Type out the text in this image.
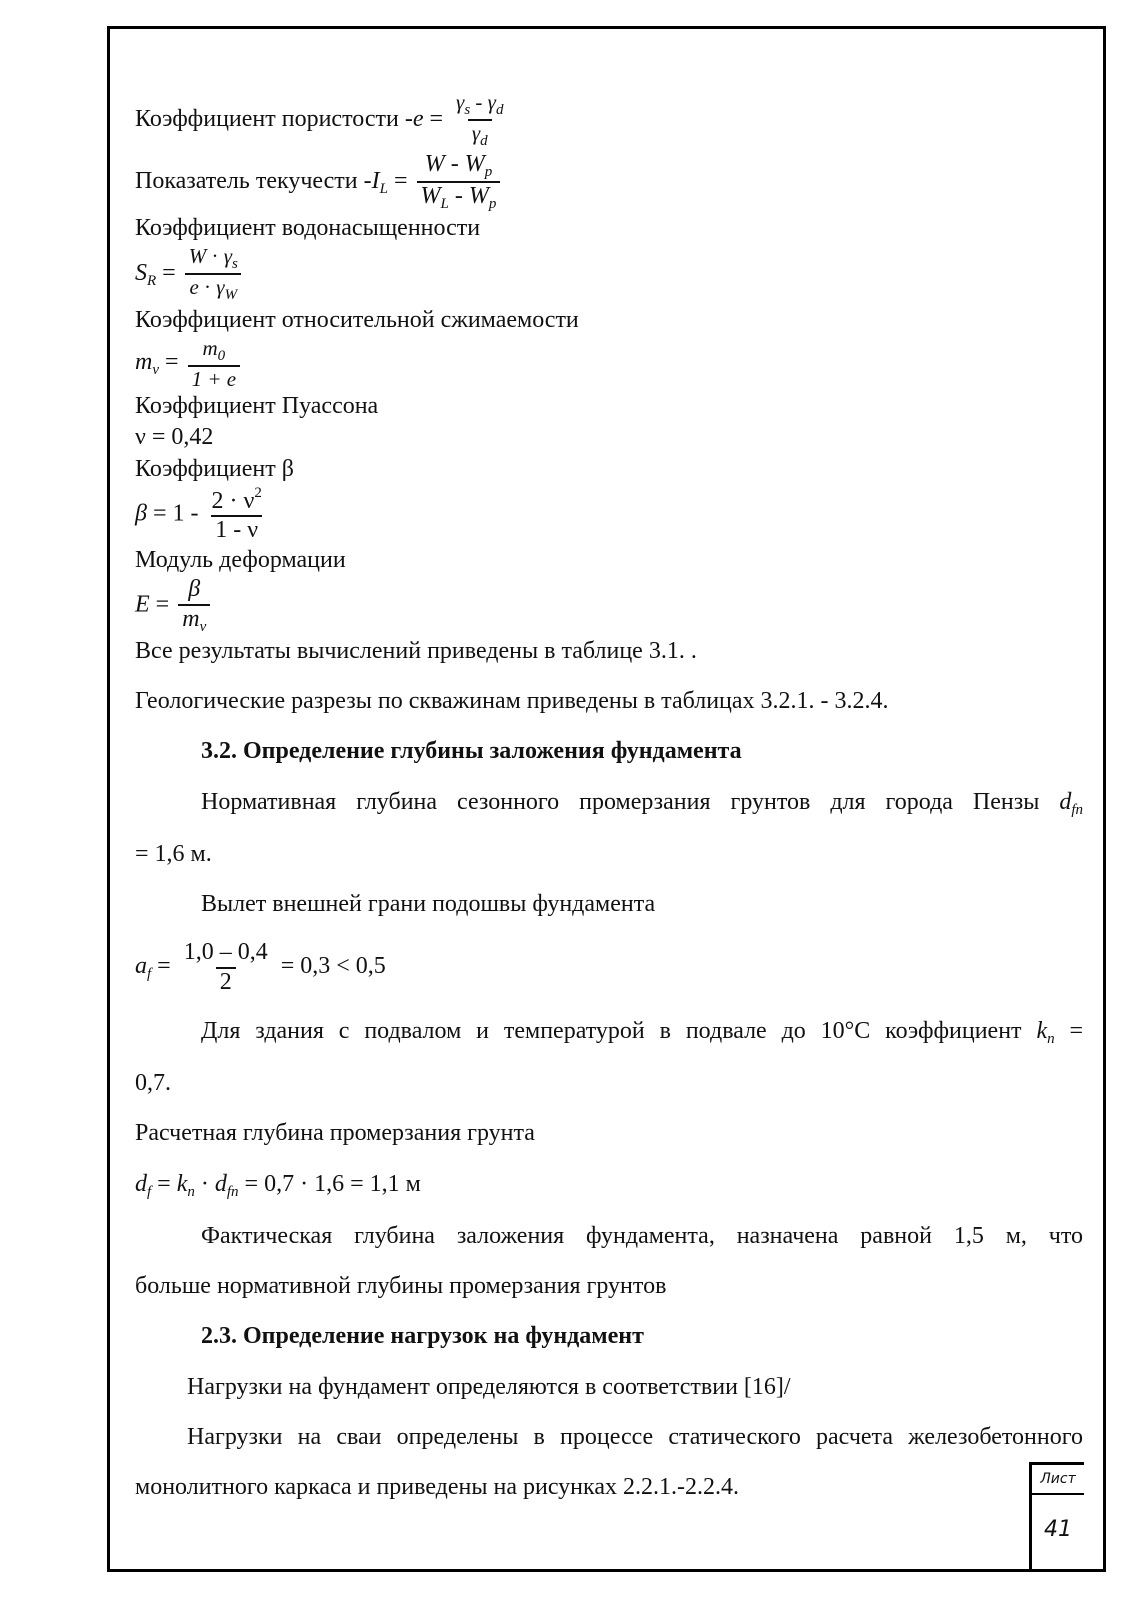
Коэффициент пористости $-e = \frac{\gamma_s - \gamma_d}{\gamma_d}$
Показатель текучести $-I_L = \frac{W - W_p}{W_L - W_p}$
Коэффициент водонасыщенности
$S_R = \frac{W \cdot \gamma_s}{e \cdot \gamma_W}$
Коэффициент относительной сжимаемости
$m_v = \frac{m_0}{1 + e}$
Коэффициент Пуассона
ν = 0,42
Коэффициент β
$\beta = 1 - \frac{2 \cdot \nu^2}{1 - \nu}$
Модуль деформации
$E = \frac{\beta}{m_\nu}$
Все результаты вычислений приведены в таблице 3.1. .
Геологические разрезы по скважинам приведены в таблицах 3.2.1. - 3.2.4.
3.2. Определение глубины заложения фундамента
Нормативная глубина сезонного промерзания грунтов для города Пензы $d_{fn}$
= 1,6 м.
Вылет внешней грани подошвы фундамента
$a_f = \frac{1,0 - 0,4}{2} = 0,3 < 0,5$
Для здания с подвалом и температурой в подвале до 10°С коэффициент $k_n$ =
0,7.
Расчетная глубина промерзания грунта
$d_f = k_n \cdot d_{fn} = 0,7 \cdot 1,6 = 1,1$ м
Фактическая глубина заложения фундамента, назначена равной 1,5 м, что
больше нормативной глубины промерзания грунтов
2.3. Определение нагрузок на фундамент
Нагрузки на фундамент определяются в соответствии [16]/
Нагрузки на сваи определены в процессе статического расчета железобетонного
монолитного каркаса и приведены на рисунках 2.2.1.-2.2.4.	Лист
41
